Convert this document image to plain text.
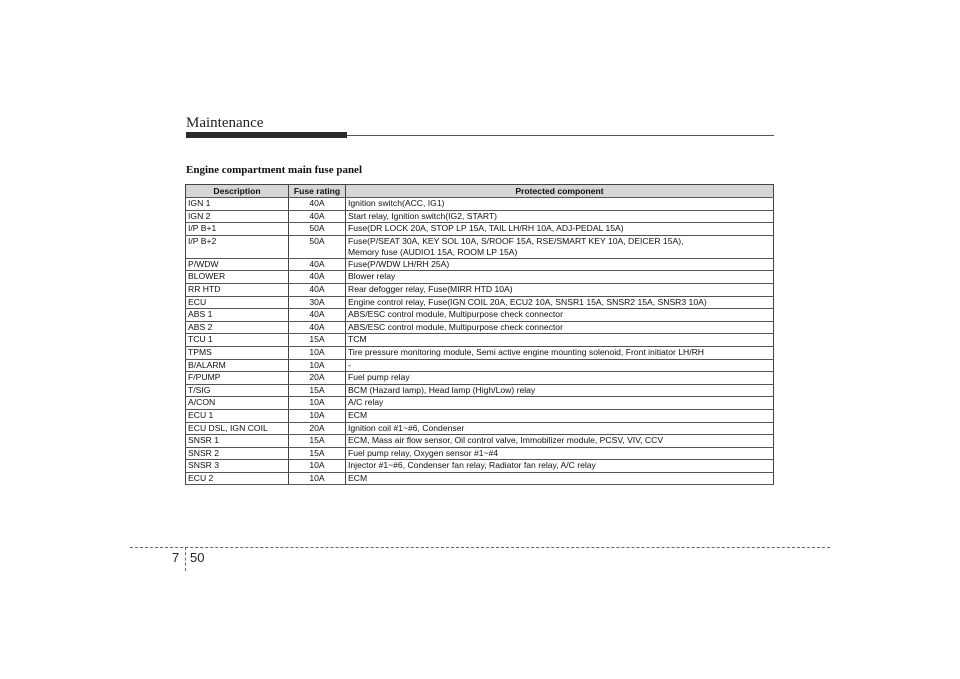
Maintenance
Engine compartment main fuse panel
Description	Fuse rating	Protected component
IGN 1	40A	Ignition switch(ACC, IG1)

IGN 2	40A	Start relay, Ignition switch(IG2, START)

I/P B+1	50A	Fuse(DR LOCK 20A, STOP LP 15A, TAIL LH/RH 10A, ADJ-PEDAL 15A)

I/P B+2	50A	Fuse(P/SEAT 30A, KEY SOL 10A, S/ROOF 15A, RSE/SMART KEY 10A, DEICER 15A),
Memory fuse (AUDIO1 15A, ROOM LP 15A)

P/WDW	40A	Fuse(P/WDW LH/RH 25A)

BLOWER	40A	Blower relay

RR HTD	40A	Rear defogger relay, Fuse(MIRR HTD 10A)

ECU	30A	Engine control relay, Fuse(IGN COIL 20A, ECU2 10A, SNSR1 15A, SNSR2 15A, SNSR3 10A)

ABS 1	40A	ABS/ESC control module, Multipurpose check connector

ABS 2	40A	ABS/ESC control module, Multipurpose check connector

TCU 1	15A	TCM

TPMS	10A	Tire pressure monitoring module, Semi active engine mounting solenoid, Front initiator LH/RH

B/ALARM	10A	-

F/PUMP	20A	Fuel pump relay

T/SIG	15A	BCM (Hazard lamp), Head lamp (High/Low) relay

A/CON	10A	A/C relay

ECU 1	10A	ECM

ECU DSL, IGN COIL	20A	Ignition coil #1~#6, Condenser

SNSR 1	15A	ECM, Mass air flow sensor, Oil control valve, Immobilizer module, PCSV, VIV, CCV

SNSR 2	15A	Fuel pump relay, Oxygen sensor #1~#4

SNSR 3	10A	Injector #1~#6, Condenser fan relay, Radiator fan relay, A/C relay

ECU 2	10A	ECM
7 50
